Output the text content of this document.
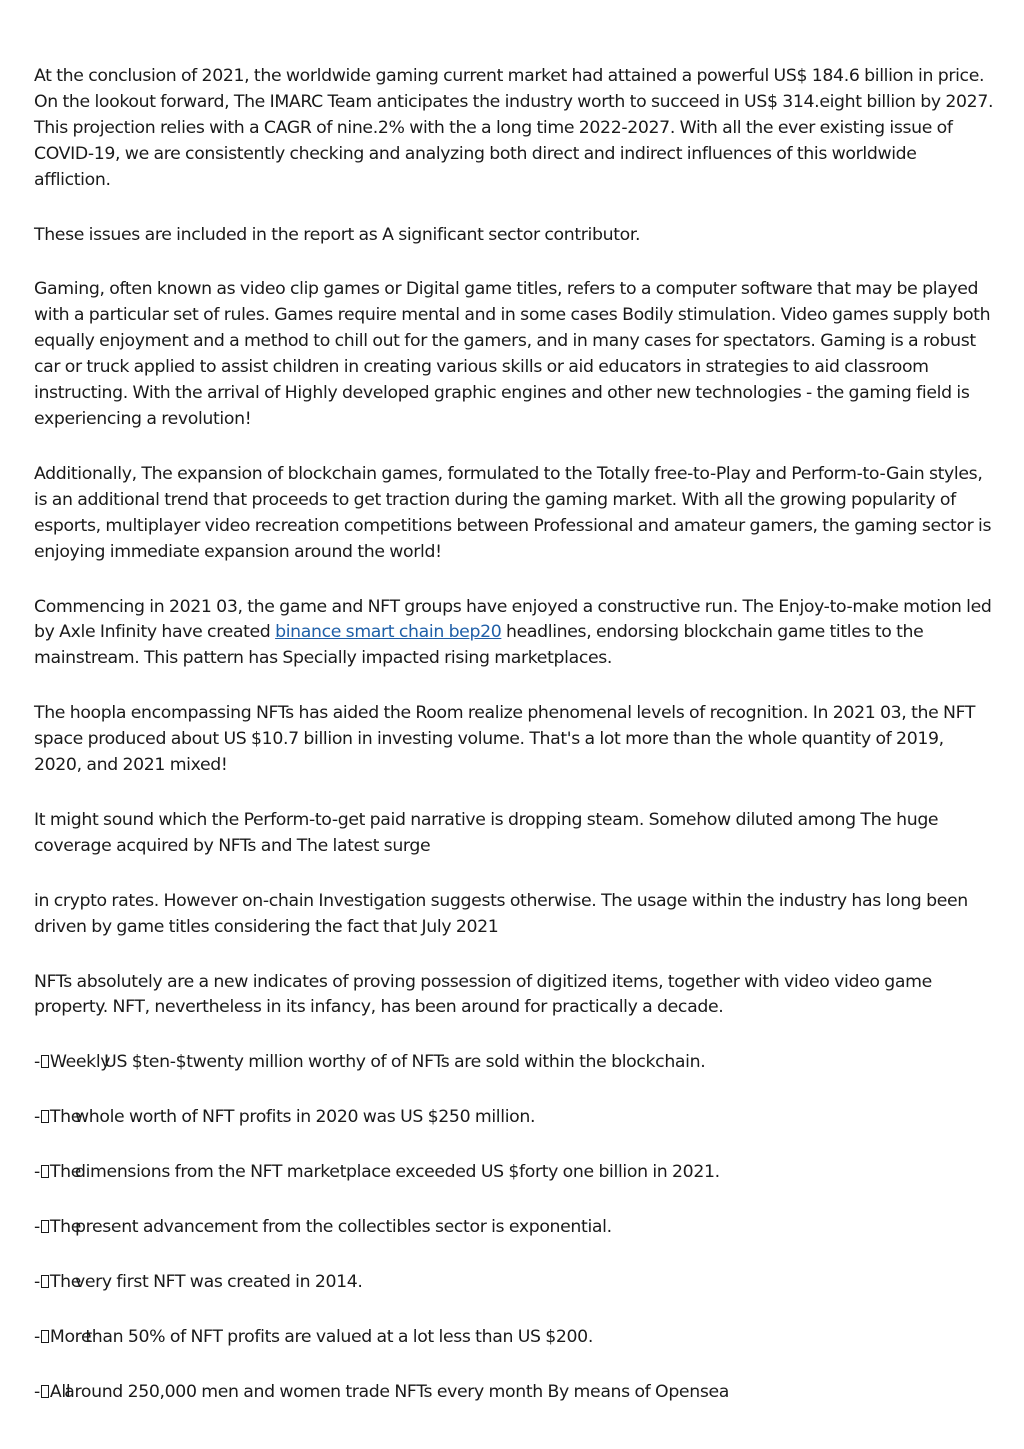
At the conclusion of 2021, the worldwide gaming current market had attained a powerful US$ 184.6 billion in price. On the lookout forward, The IMARC Team anticipates the industry worth to succeed in US$ 314.eight billion by 2027. This projection relies with a CAGR of nine.2% with the a long time 2022-2027. With all the ever existing issue of COVID-19, we are consistently checking and analyzing both direct and indirect influences of this worldwide affliction.

These issues are included in the report as A significant sector contributor.

Gaming, often known as video clip games or Digital game titles, refers to a computer software that may be played with a particular set of rules. Games require mental and in some cases Bodily stimulation. Video games supply both equally enjoyment and a method to chill out for the gamers, and in many cases for spectators. Gaming is a robust car or truck applied to assist children in creating various skills or aid educators in strategies to aid classroom instructing. With the arrival of Highly developed graphic engines and other new technologies - the gaming field is experiencing a revolution!

Additionally, The expansion of blockchain games, formulated to the Totally free-to-Play and Perform-to-Gain styles, is an additional trend that proceeds to get traction during the gaming market. With all the growing popularity of esports, multiplayer video recreation competitions between Professional and amateur gamers, the gaming sector is enjoying immediate expansion around the world!

Commencing in 2021 03, the game and NFT groups have enjoyed a constructive run. The Enjoy-to-make motion led by Axle Infinity have created binance smart chain bep20 headlines, endorsing blockchain game titles to the mainstream. This pattern has Specially impacted rising marketplaces.

The hoopla encompassing NFTs has aided the Room realize phenomenal levels of recognition. In 2021 03, the NFT space produced about US $10.7 billion in investing volume. That's a lot more than the whole quantity of 2019, 2020, and 2021 mixed!

It might sound which the Perform-to-get paid narrative is dropping steam. Somehow diluted among The huge coverage acquired by NFTs and The latest surge

in crypto rates. However on-chain Investigation suggests otherwise. The usage within the industry has long been driven by game titles considering the fact that July 2021

NFTs absolutely are a new indicates of proving possession of digitized items, together with video video game property. NFT, nevertheless in its infancy, has been around for practically a decade.

- WeeklyUS $ten-$twenty million worthy of of NFTs are sold within the blockchain.
- Thewhole worth of NFT profits in 2020 was US $250 million.
- Thedimensions from the NFT marketplace exceeded US $forty one billion in 2021.
- Thepresent advancement from the collectibles sector is exponential.
- Thevery first NFT was created in 2014.
- Morethan 50% of NFT profits are valued at a lot less than US $200.
- Allaround 250,000 men and women trade NFTs every month By means of Opensea
